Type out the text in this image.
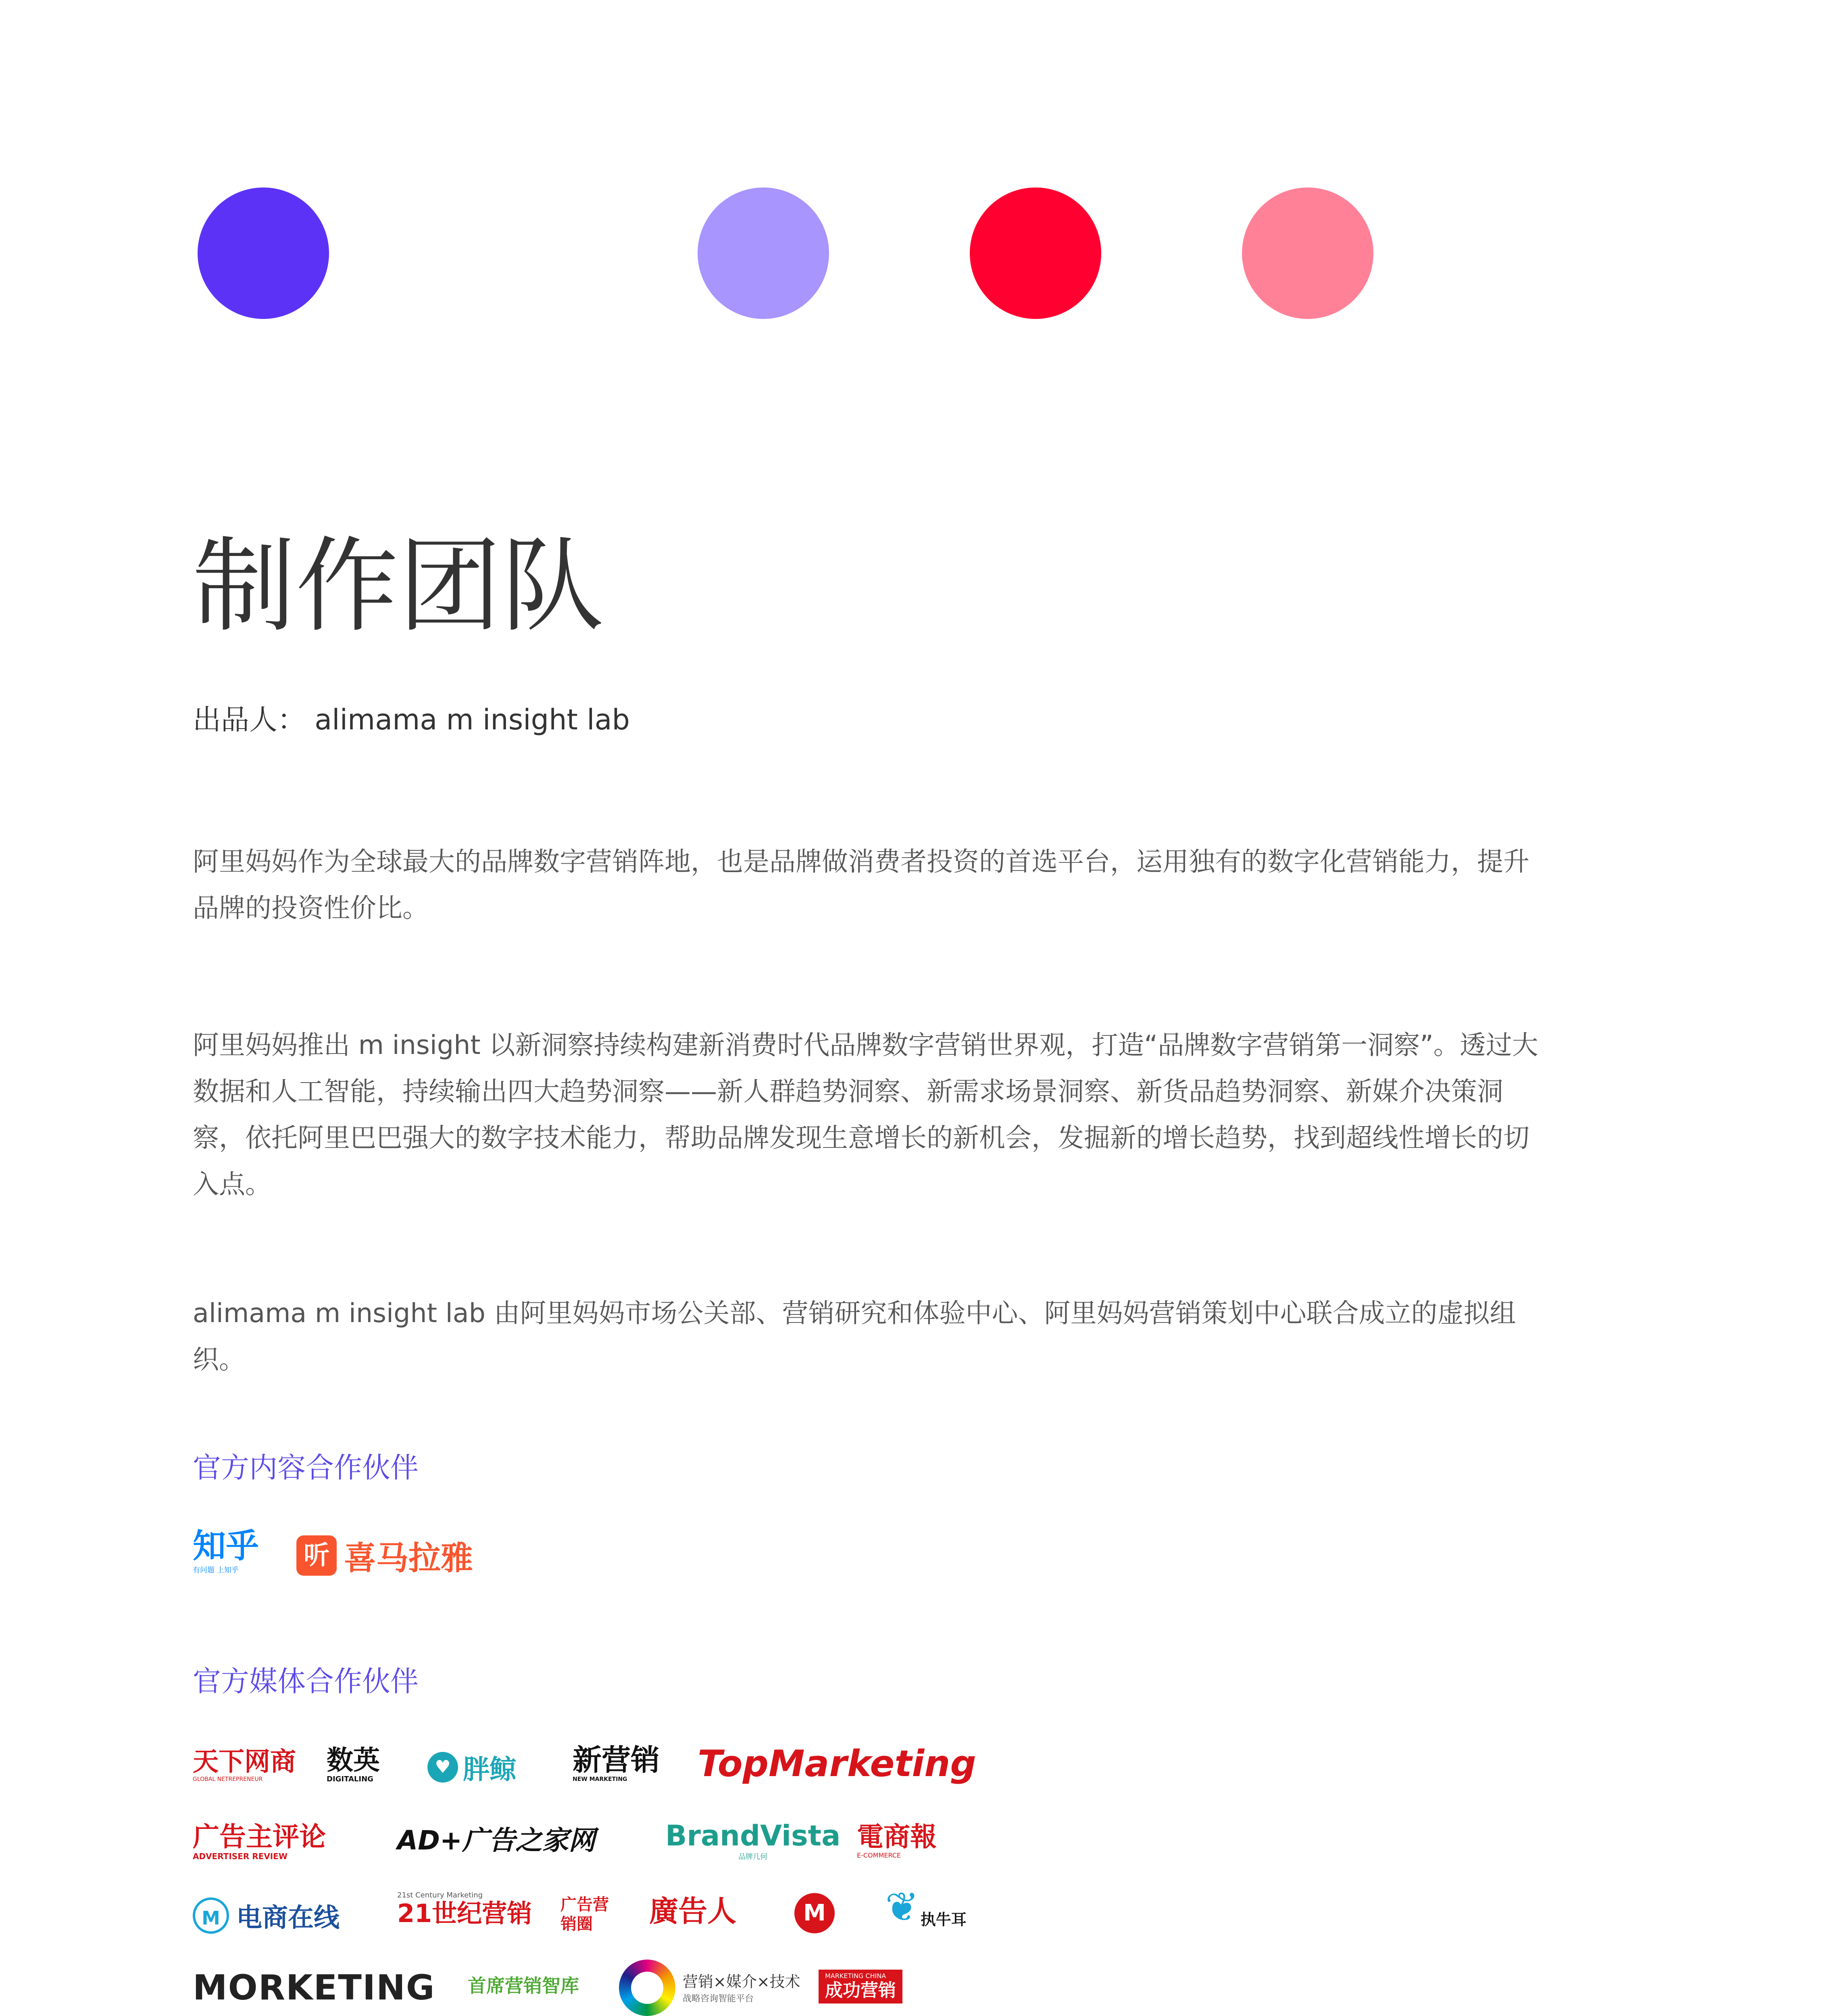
制作团队
出品人： alimama m insight lab

阿里妈妈作为全球最大的品牌数字营销阵地，也是品牌做消费者投资的首选平台，运用独有的数字化营销能力，提升品牌的投资性价比。

阿里妈妈推出 m insight 以新洞察持续构建新消费时代品牌数字营销世界观，打造“品牌数字营销第一洞察”。透过大数据和人工智能，持续输出四大趋势洞察——新人群趋势洞察、新需求场景洞察、新货品趋势洞察、新媒介决策洞察，依托阿里巴巴强大的数字技术能力，帮助品牌发现生意增长的新机会，发掘新的增长趋势，找到超线性增长的切入点。

alimama m insight lab 由阿里妈妈市场公关部、营销研究和体验中心、阿里妈妈营销策划中心联合成立的虚拟组织。

官方内容合作伙伴
知乎
有问题 上知乎	听 喜马拉雅
官方媒体合作伙伴
天下网商
GLOBAL NETREPRENEUR
数英
DIGITALING
♥ 胖鲸 新营销
NEW MARKETING	TopMarketing
广告主评论
ADVERTISER REVIEW
AD+广告之家网 BrandVista
品牌几何
電商報
E-COMMERCE
M 电商在线
21st Century Marketing
21世纪营销 广告营销圈	廣告人	M ❦ 执牛耳
MORKETING 首席营销智库	营销×媒介×技术
战略咨询智能平台
MARKETING CHINA
成功营销
